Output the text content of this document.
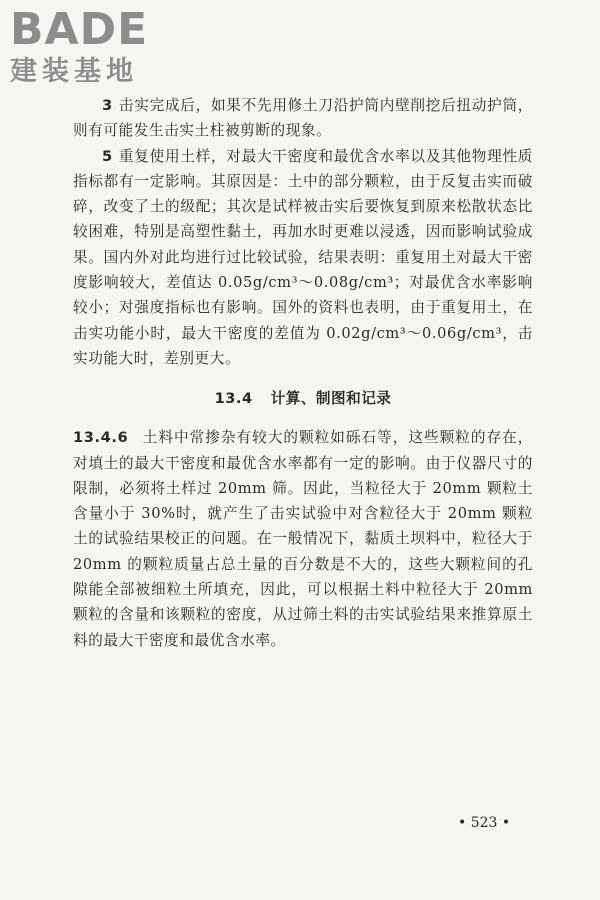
BADE
建装基地

3 击实完成后，如果不先用修土刀沿护筒内壁削挖后扭动护筒，则有可能发生击实土柱被剪断的现象。

5 重复使用土样，对最大干密度和最优含水率以及其他物理性质指标都有一定影响。其原因是：土中的部分颗粒，由于反复击实而破碎，改变了土的级配；其次是试样被击实后要恢复到原来松散状态比较困难，特别是高塑性黏土，再加水时更难以浸透，因而影响试验成果。国内外对此均进行过比较试验，结果表明：重复用土对最大干密度影响较大，差值达 0.05g/cm³～0.08g/cm³；对最优含水率影响较小；对强度指标也有影响。国外的资料也表明，由于重复用土，在击实功能小时，最大干密度的差值为 0.02g/cm³～0.06g/cm³，击实功能大时，差别更大。

13.4 计算、制图和记录

13.4.6 土料中常掺杂有较大的颗粒如砾石等，这些颗粒的存在，对填土的最大干密度和最优含水率都有一定的影响。由于仪器尺寸的限制，必须将土样过 20mm 筛。因此，当粒径大于 20mm 颗粒土含量小于 30%时，就产生了击实试验中对含粒径大于 20mm 颗粒土的试验结果校正的问题。在一般情况下，黏质土坝料中，粒径大于 20mm 的颗粒质量占总土量的百分数是不大的，这些大颗粒间的孔隙能全部被细粒土所填充，因此，可以根据土料中粒径大于 20mm 颗粒的含量和该颗粒的密度，从过筛土料的击实试验结果来推算原土料的最大干密度和最优含水率。

• 523 •
